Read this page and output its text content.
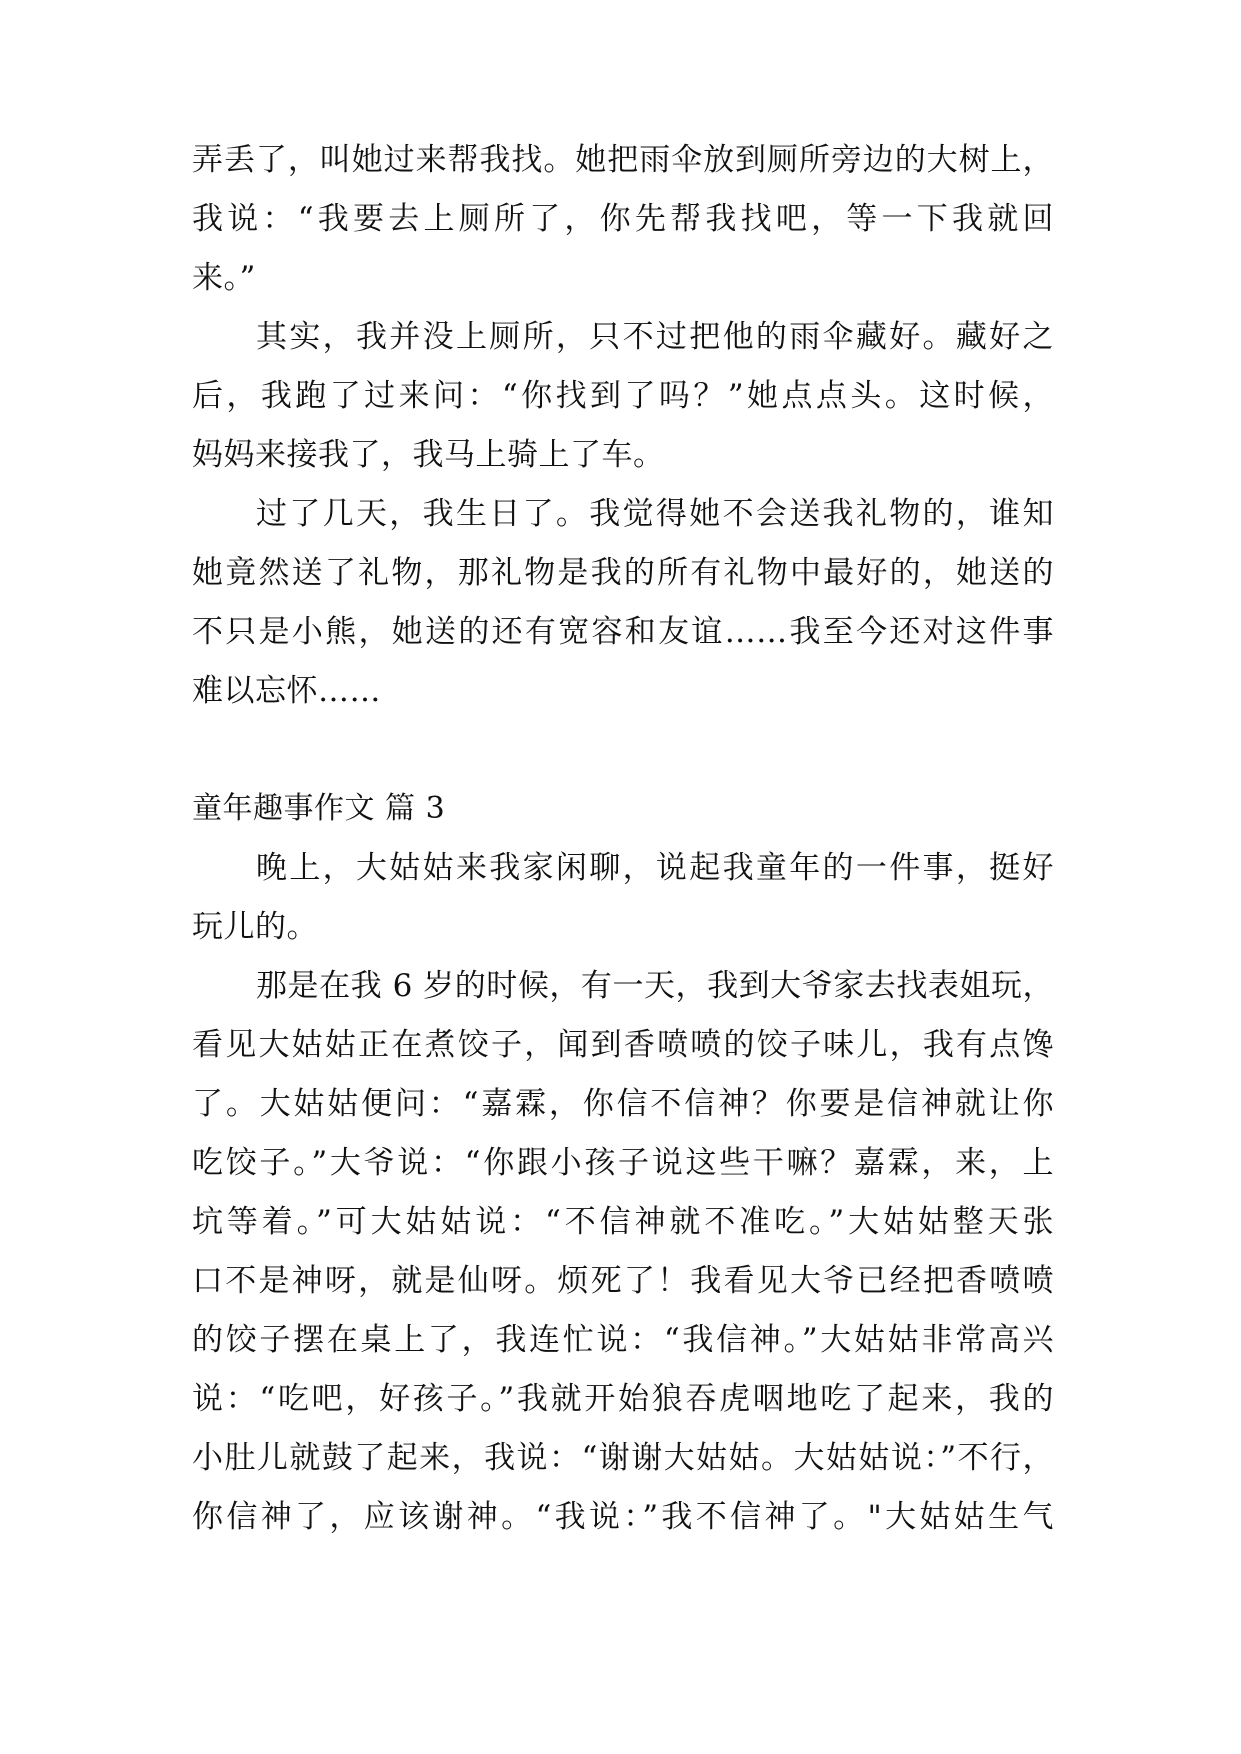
弄丢了，叫她过来帮我找。她把雨伞放到厕所旁边的大树上，
我说：“我要去上厕所了，你先帮我找吧，等一下我就回
来。”
其实，我并没上厕所，只不过把他的雨伞藏好。藏好之
后，我跑了过来问：“你找到了吗？”她点点头。这时候，
妈妈来接我了，我马上骑上了车。
过了几天，我生日了。我觉得她不会送我礼物的，谁知
她竟然送了礼物，那礼物是我的所有礼物中最好的，她送的
不只是小熊，她送的还有宽容和友谊……我至今还对这件事
难以忘怀……
童年趣事作文 篇 3
晚上，大姑姑来我家闲聊，说起我童年的一件事，挺好
玩儿的。
那是在我 6 岁的时候，有一天，我到大爷家去找表姐玩，
看见大姑姑正在煮饺子，闻到香喷喷的饺子味儿，我有点馋
了。大姑姑便问：“嘉霖，你信不信神？你要是信神就让你
吃饺子。”大爷说：“你跟小孩子说这些干嘛？嘉霖，来，上
坑等着。”可大姑姑说：“不信神就不准吃。”大姑姑整天张
口不是神呀，就是仙呀。烦死了！我看见大爷已经把香喷喷
的饺子摆在桌上了，我连忙说：“我信神。”大姑姑非常高兴
说：“吃吧，好孩子。”我就开始狼吞虎咽地吃了起来，我的
小肚儿就鼓了起来，我说：“谢谢大姑姑。大姑姑说：”不行，
你信神了，应该谢神。“我说：”我不信神了。"大姑姑生气
